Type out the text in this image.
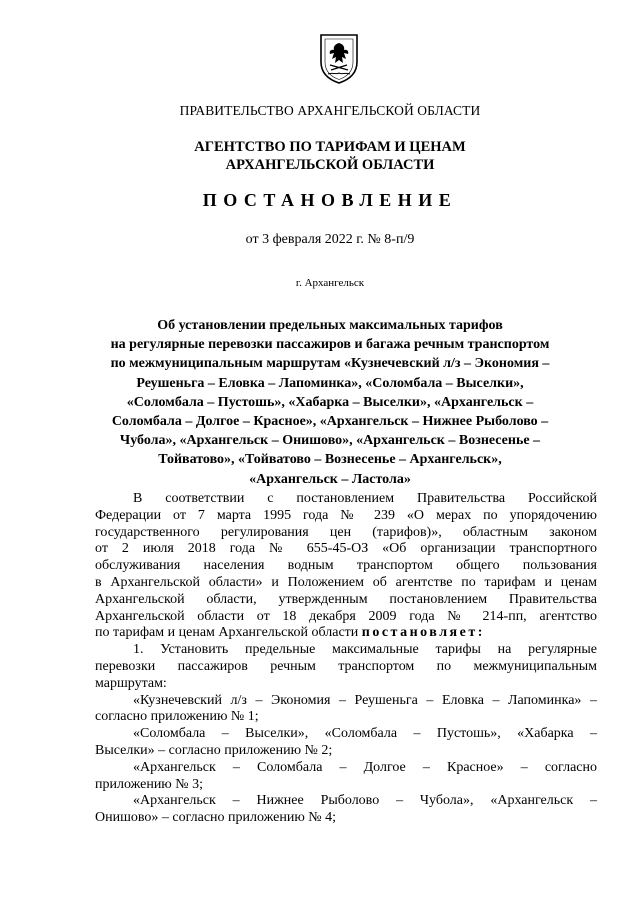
ПРАВИТЕЛЬСТВО АРХАНГЕЛЬСКОЙ ОБЛАСТИ
АГЕНТСТВО ПО ТАРИФАМ И ЦЕНАМ
АРХАНГЕЛЬСКОЙ ОБЛАСТИ
ПОСТАНОВЛЕНИЕ
от 3 февраля 2022 г. № 8-п/9
г. Архангельск
Об установлении предельных максимальных тарифов
на регулярные перевозки пассажиров и багажа речным транспортом
по межмуниципальным маршрутам «Кузнечевский л/з – Экономия –
Реушеньга – Еловка – Лапоминка», «Соломбала – Выселки»,
«Соломбала – Пустошь», «Хабарка – Выселки», «Архангельск –
Соломбала – Долгое – Красное», «Архангельск – Нижнее Рыболово –
Чубола», «Архангельск – Онишово», «Архангельск – Вознесенье –
Тойватово», «Тойватово – Вознесенье – Архангельск»,
«Архангельск – Ластола»
В соответствии с постановлением Правительства Российской
Федерации от 7 марта 1995 года № 239 «О мерах по упорядочению
государственного регулирования цен (тарифов)», областным законом
от 2 июля 2018 года № 655-45-ОЗ «Об организации транспортного
обслуживания населения водным транспортом общего пользования
в Архангельской области» и Положением об агентстве по тарифам и ценам
Архангельской области, утвержденным постановлением Правительства
Архангельской области от 18 декабря 2009 года № 214-пп, агентство
по тарифам и ценам Архангельской области постановляет:
1. Установить предельные максимальные тарифы на регулярные
перевозки пассажиров речным транспортом по межмуниципальным
маршрутам:
«Кузнечевский л/з – Экономия – Реушеньга – Еловка – Лапоминка» –
согласно приложению № 1;
«Соломбала – Выселки», «Соломбала – Пустошь», «Хабарка –
Выселки» – согласно приложению № 2;
«Архангельск – Соломбала – Долгое – Красное» – согласно
приложению № 3;
«Архангельск – Нижнее Рыболово – Чубола», «Архангельск –
Онишово» – согласно приложению № 4;
